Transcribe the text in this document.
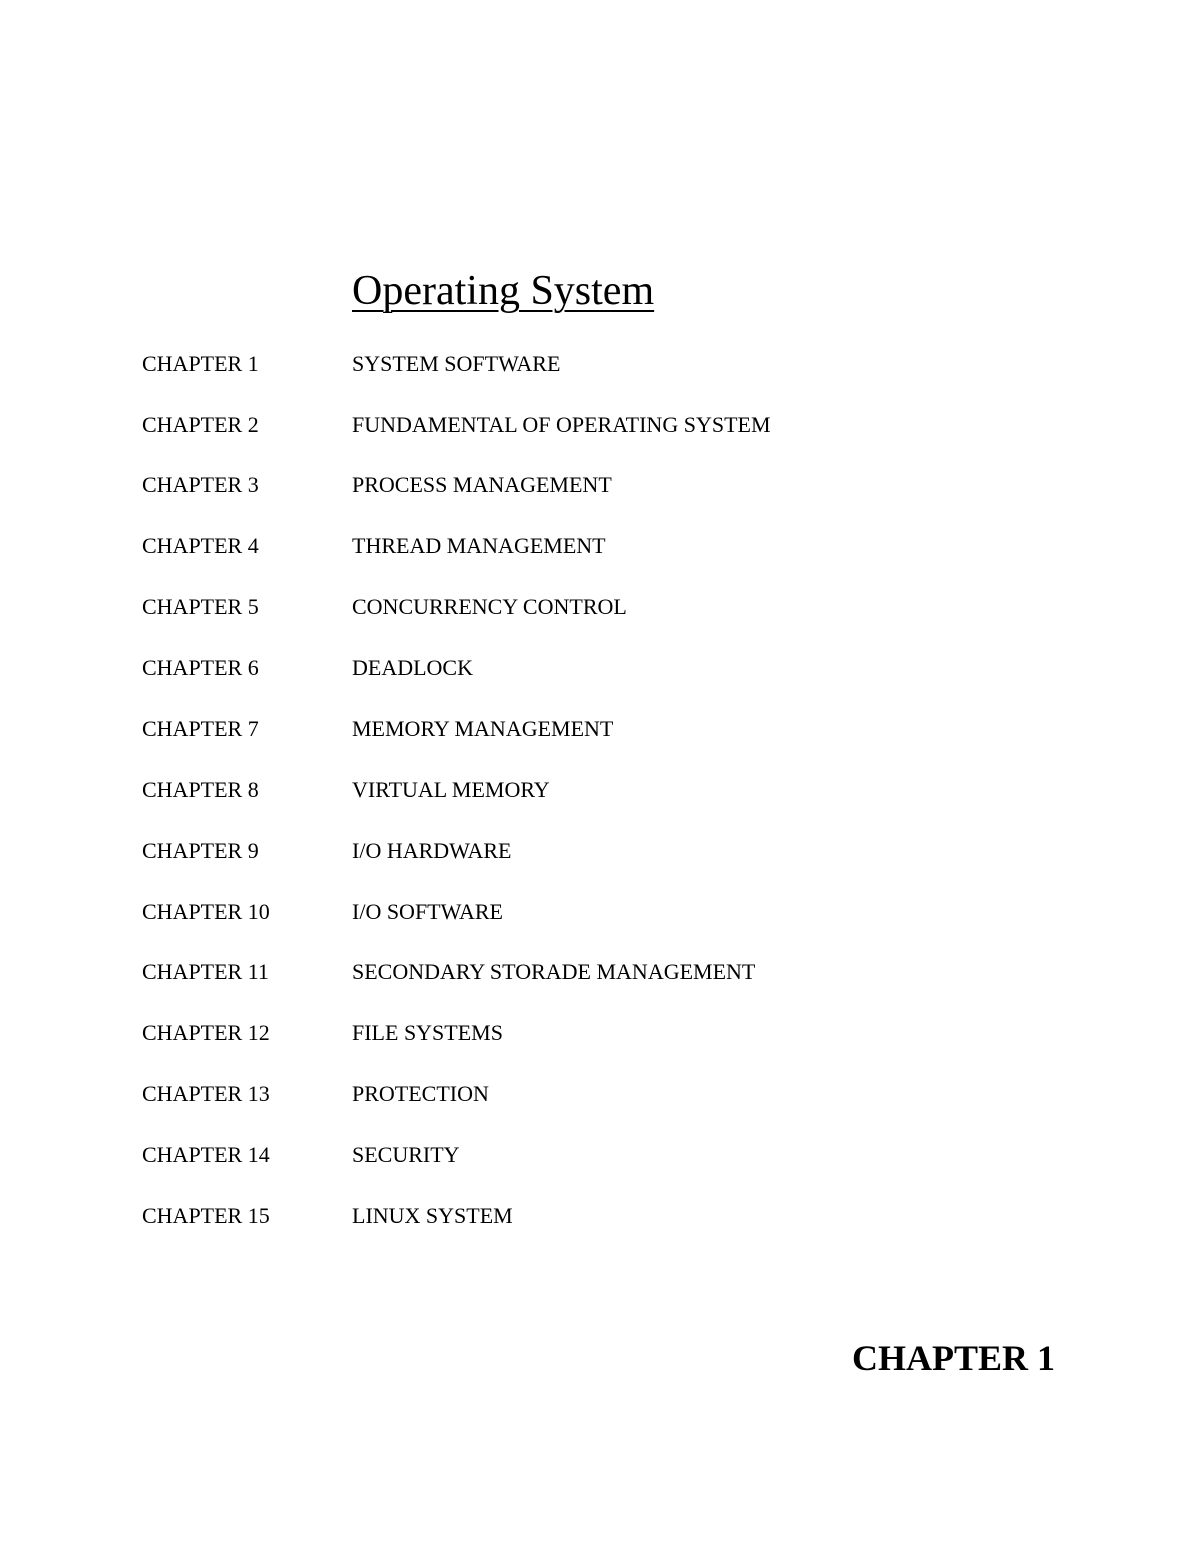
Operating System
CHAPTER 1	SYSTEM SOFTWARE
CHAPTER 2	FUNDAMENTAL OF OPERATING SYSTEM
CHAPTER 3	PROCESS MANAGEMENT
CHAPTER 4	THREAD MANAGEMENT
CHAPTER 5	CONCURRENCY CONTROL
CHAPTER 6	DEADLOCK
CHAPTER 7	MEMORY MANAGEMENT
CHAPTER 8	VIRTUAL MEMORY
CHAPTER 9	I/O HARDWARE
CHAPTER 10	I/O SOFTWARE
CHAPTER 11	SECONDARY STORADE MANAGEMENT
CHAPTER 12	FILE SYSTEMS
CHAPTER 13	PROTECTION
CHAPTER 14	SECURITY
CHAPTER 15	LINUX SYSTEM
CHAPTER 1
